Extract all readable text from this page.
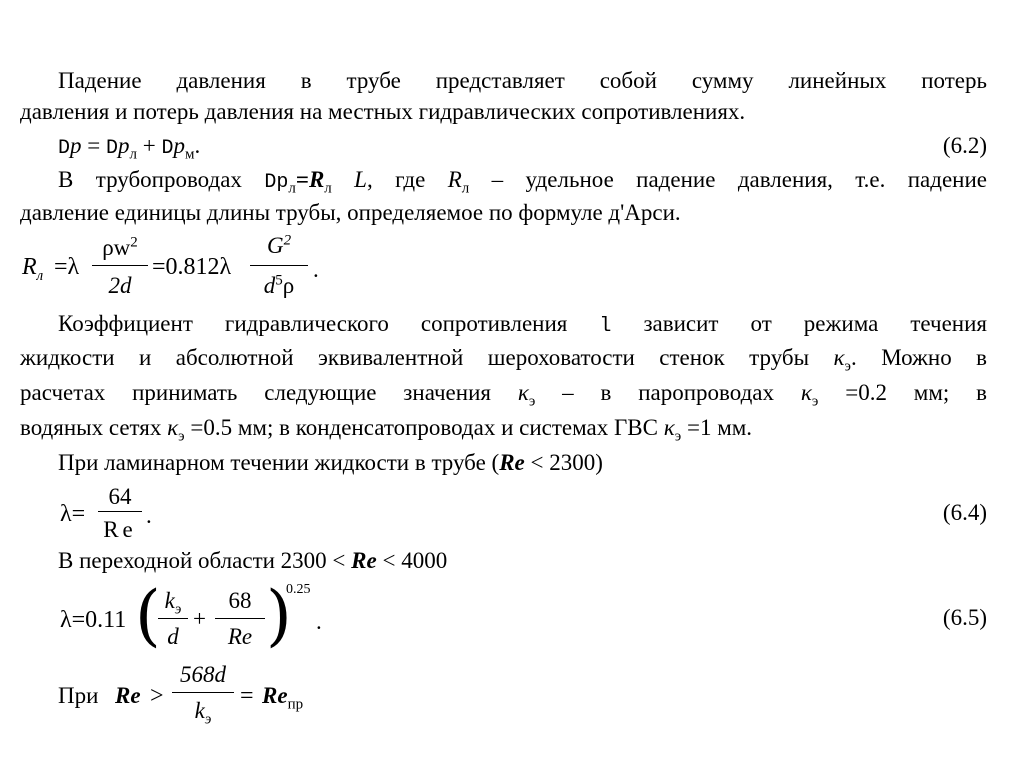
Падение давления в трубе представляет собой сумму линейных потерь
давления и потерь давления на местных гидравлических сопротивлениях.
$Dp = Dp_л + Dp_м$.	(6.2)
В трубопроводах $Dp_л=R_л$ L, где $R_л$ – удельное падение давления, т.е. падение
давление единицы длины трубы, определяемое по формуле д'Арси.
$R_л =\lambda$
$\rho w^2$
2d
=0.812λ
$G^2$
$d^5\rho$
.
Коэффициент гидравлического сопротивления l зависит от режима течения
жидкости и абсолютной эквивалентной шероховатости стенок трубы $\kappa_э$. Можно в
расчетах принимать следующие значения $\kappa_э$ – в паропроводах $\kappa_э =0.2$ мм; в
водяных сетях $\kappa_э =0.5$ мм; в конденсатопроводах и системах ГВС $\kappa_э =1$ мм.
При ламинарном течении жидкости в трубе (Re < 2300)
λ=
64
Re
.	(6.4)
В переходной области 2300 < Re < 4000
λ=0.11 ( $k_э$
d
+
68
Re )
0.25
.	(6.5)
При Re >
568d
$k_э$
= $Re_{пр}$
